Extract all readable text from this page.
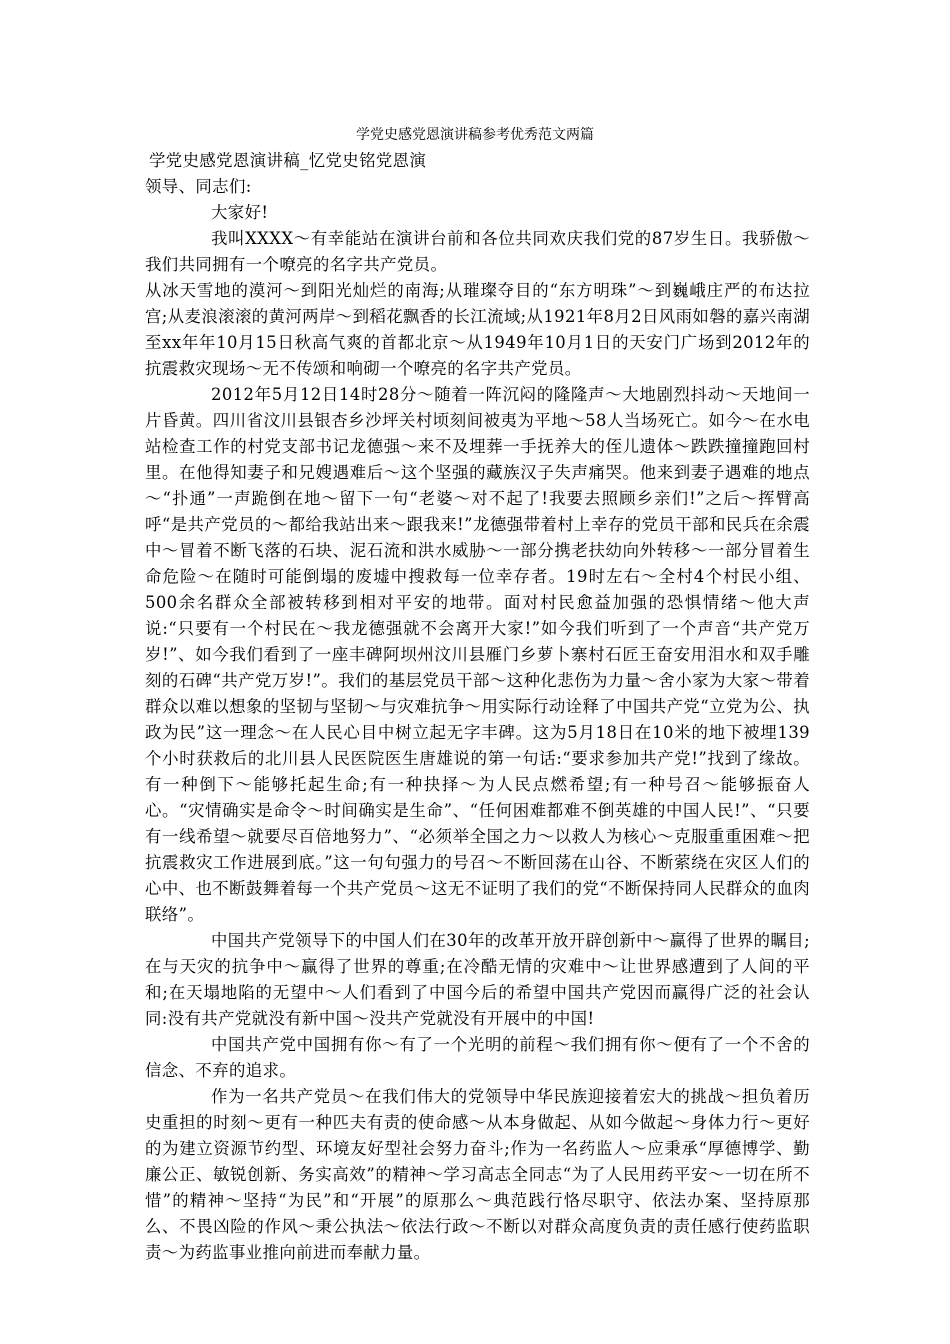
学党史感党恩演讲稿参考优秀范文两篇

学党史感党恩演讲稿_忆党史铭党恩演

领导、同志们:

大家好!

我叫XXXX～有幸能站在演讲台前和各位共同欢庆我们党的87岁生日。我骄傲～我们共同拥有一个嘹亮的名字共产党员。

从冰天雪地的漠河～到阳光灿烂的南海;从璀璨夺目的“东方明珠”～到巍峨庄严的布达拉宫;从麦浪滚滚的黄河两岸～到稻花飘香的长江流域;从1921年8月2日风雨如磐的嘉兴南湖至xx年年10月15日秋高气爽的首都北京～从1949年10月1日的天安门广场到2012年的抗震救灾现场～无不传颂和响砌一个嘹亮的名字共产党员。

2012年5月12日14时28分～随着一阵沉闷的隆隆声～大地剧烈抖动～天地间一片昏黄。四川省汶川县银杏乡沙坪关村顷刻间被夷为平地～58人当场死亡。如今～在水电站检查工作的村党支部书记龙德强～来不及埋葬一手抚养大的侄儿遗体～跌跌撞撞跑回村里。在他得知妻子和兄嫂遇难后～这个坚强的藏族汉子失声痛哭。他来到妻子遇难的地点～“扑通”一声跪倒在地～留下一句“老婆～对不起了!我要去照顾乡亲们!”之后～挥臂高呼“是共产党员的～都给我站出来～跟我来!”龙德强带着村上幸存的党员干部和民兵在余震中～冒着不断飞落的石块、泥石流和洪水威胁～一部分携老扶幼向外转移～一部分冒着生命危险～在随时可能倒塌的废墟中搜救每一位幸存者。19时左右～全村4个村民小组、500余名群众全部被转移到相对平安的地带。面对村民愈益加强的恐惧情绪～他大声说:“只要有一个村民在～我龙德强就不会离开大家!”如今我们听到了一个声音“共产党万岁!”、如今我们看到了一座丰碑阿坝州汶川县雁门乡萝卜寨村石匠王奋安用泪水和双手雕刻的石碑“共产党万岁!”。我们的基层党员干部～这种化悲伤为力量～舍小家为大家～带着群众以难以想象的坚韧与坚韧～与灾难抗争～用实际行动诠释了中国共产党“立党为公、执政为民”这一理念～在人民心目中树立起无字丰碑。这为5月18日在10米的地下被埋139个小时获救后的北川县人民医院医生唐雄说的第一句话:“要求参加共产党!”找到了缘故。 有一种倒下～能够托起生命;有一种抉择～为人民点燃希望;有一种号召～能够振奋人心。“灾情确实是命令～时间确实是生命”、“任何困难都难不倒英雄的中国人民!”、“只要有一线希望～就要尽百倍地努力”、“必须举全国之力～以救人为核心～克服重重困难～把抗震救灾工作进展到底。”这一句句强力的号召～不断回荡在山谷、不断萦绕在灾区人们的心中、也不断鼓舞着每一个共产党员～这无不证明了我们的党“不断保持同人民群众的血肉联络”。

中国共产党领导下的中国人们在30年的改革开放开辟创新中～赢得了世界的瞩目;在与天灾的抗争中～赢得了世界的尊重;在冷酷无情的灾难中～让世界感遭到了人间的平和;在天塌地陷的无望中～人们看到了中国今后的希望中国共产党因而赢得广泛的社会认同:没有共产党就没有新中国～没共产党就没有开展中的中国!

中国共产党中国拥有你～有了一个光明的前程～我们拥有你～便有了一个不舍的信念、不弃的追求。

作为一名共产党员～在我们伟大的党领导中华民族迎接着宏大的挑战～担负着历史重担的时刻～更有一种匹夫有责的使命感～从本身做起、从如今做起～身体力行～更好的为建立资源节约型、环境友好型社会努力奋斗;作为一名药监人～应秉承“厚德博学、勤廉公正、敏锐创新、务实高效”的精神～学习高志全同志“为了人民用药平安～一切在所不惜”的精神～坚持“为民”和“开展”的原那么～典范践行恪尽职守、依法办案、坚持原那么、不畏凶险的作风～秉公执法～依法行政～不断以对群众高度负责的责任感行使药监职责～为药监事业推向前进而奉献力量。
